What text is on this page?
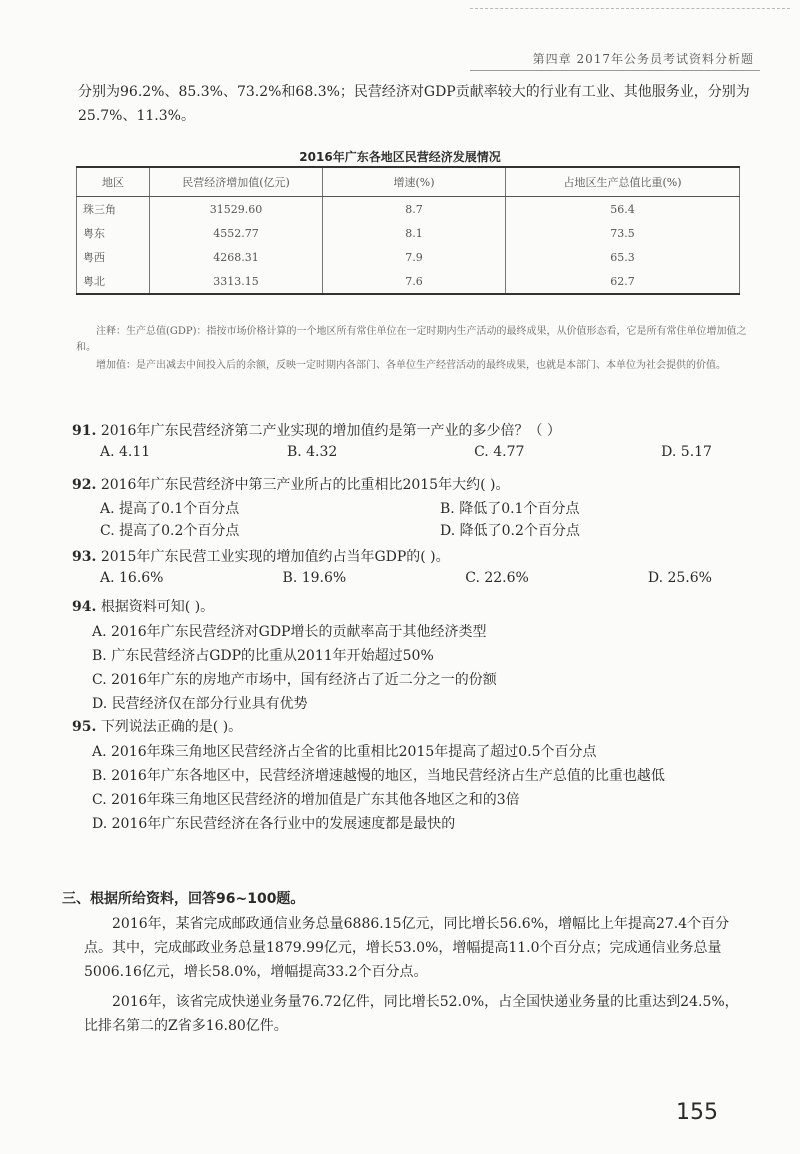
第四章 2017年公务员考试资料分析题
分别为96.2%、85.3%、73.2%和68.3%；民营经济对GDP贡献率较大的行业有工业、其他服务业，分别为25.7%、11.3%。
2016年广东各地区民营经济发展情况
地区	民营经济增加值(亿元)	增速(%)	占地区生产总值比重(%)
珠三角	31529.60	8.7	56.4
粤东	4552.77	8.1	73.5
粤西	4268.31	7.9	65.3
粤北	3313.15	7.6	62.7

注释：生产总值(GDP)：指按市场价格计算的一个地区所有常住单位在一定时期内生产活动的最终成果，从价值形态看，它是所有常住单位增加值之和。

增加值：是产出减去中间投入后的余额，反映一定时期内各部门、各单位生产经营活动的最终成果，也就是本部门、本单位为社会提供的价值。

91. 2016年广东民营经济第二产业实现的增加值约是第一产业的多少倍？（ ）
A. 4.11	B. 4.32	C. 4.77	D. 5.17
92. 2016年广东民营经济中第三产业所占的比重相比2015年大约( )。
A. 提高了0.1个百分点	B. 降低了0.1个百分点
C. 提高了0.2个百分点	D. 降低了0.2个百分点
93. 2015年广东民营工业实现的增加值约占当年GDP的( )。
A. 16.6%	B. 19.6%	C. 22.6%	D. 25.6%
94. 根据资料可知( )。
A. 2016年广东民营经济对GDP增长的贡献率高于其他经济类型
B. 广东民营经济占GDP的比重从2011年开始超过50%
C. 2016年广东的房地产市场中，国有经济占了近二分之一的份额
D. 民营经济仅在部分行业具有优势
95. 下列说法正确的是( )。
A. 2016年珠三角地区民营经济占全省的比重相比2015年提高了超过0.5个百分点
B. 2016年广东各地区中，民营经济增速越慢的地区，当地民营经济占生产总值的比重也越低
C. 2016年珠三角地区民营经济的增加值是广东其他各地区之和的3倍
D. 2016年广东民营经济在各行业中的发展速度都是最快的
三、根据所给资料，回答96~100题。

2016年，某省完成邮政通信业务总量6886.15亿元，同比增长56.6%，增幅比上年提高27.4个百分点。其中，完成邮政业务总量1879.99亿元，增长53.0%，增幅提高11.0个百分点；完成通信业务总量5006.16亿元，增长58.0%，增幅提高33.2个百分点。

2016年，该省完成快递业务量76.72亿件，同比增长52.0%，占全国快递业务量的比重达到24.5%，比排名第二的Z省多16.80亿件。

155
